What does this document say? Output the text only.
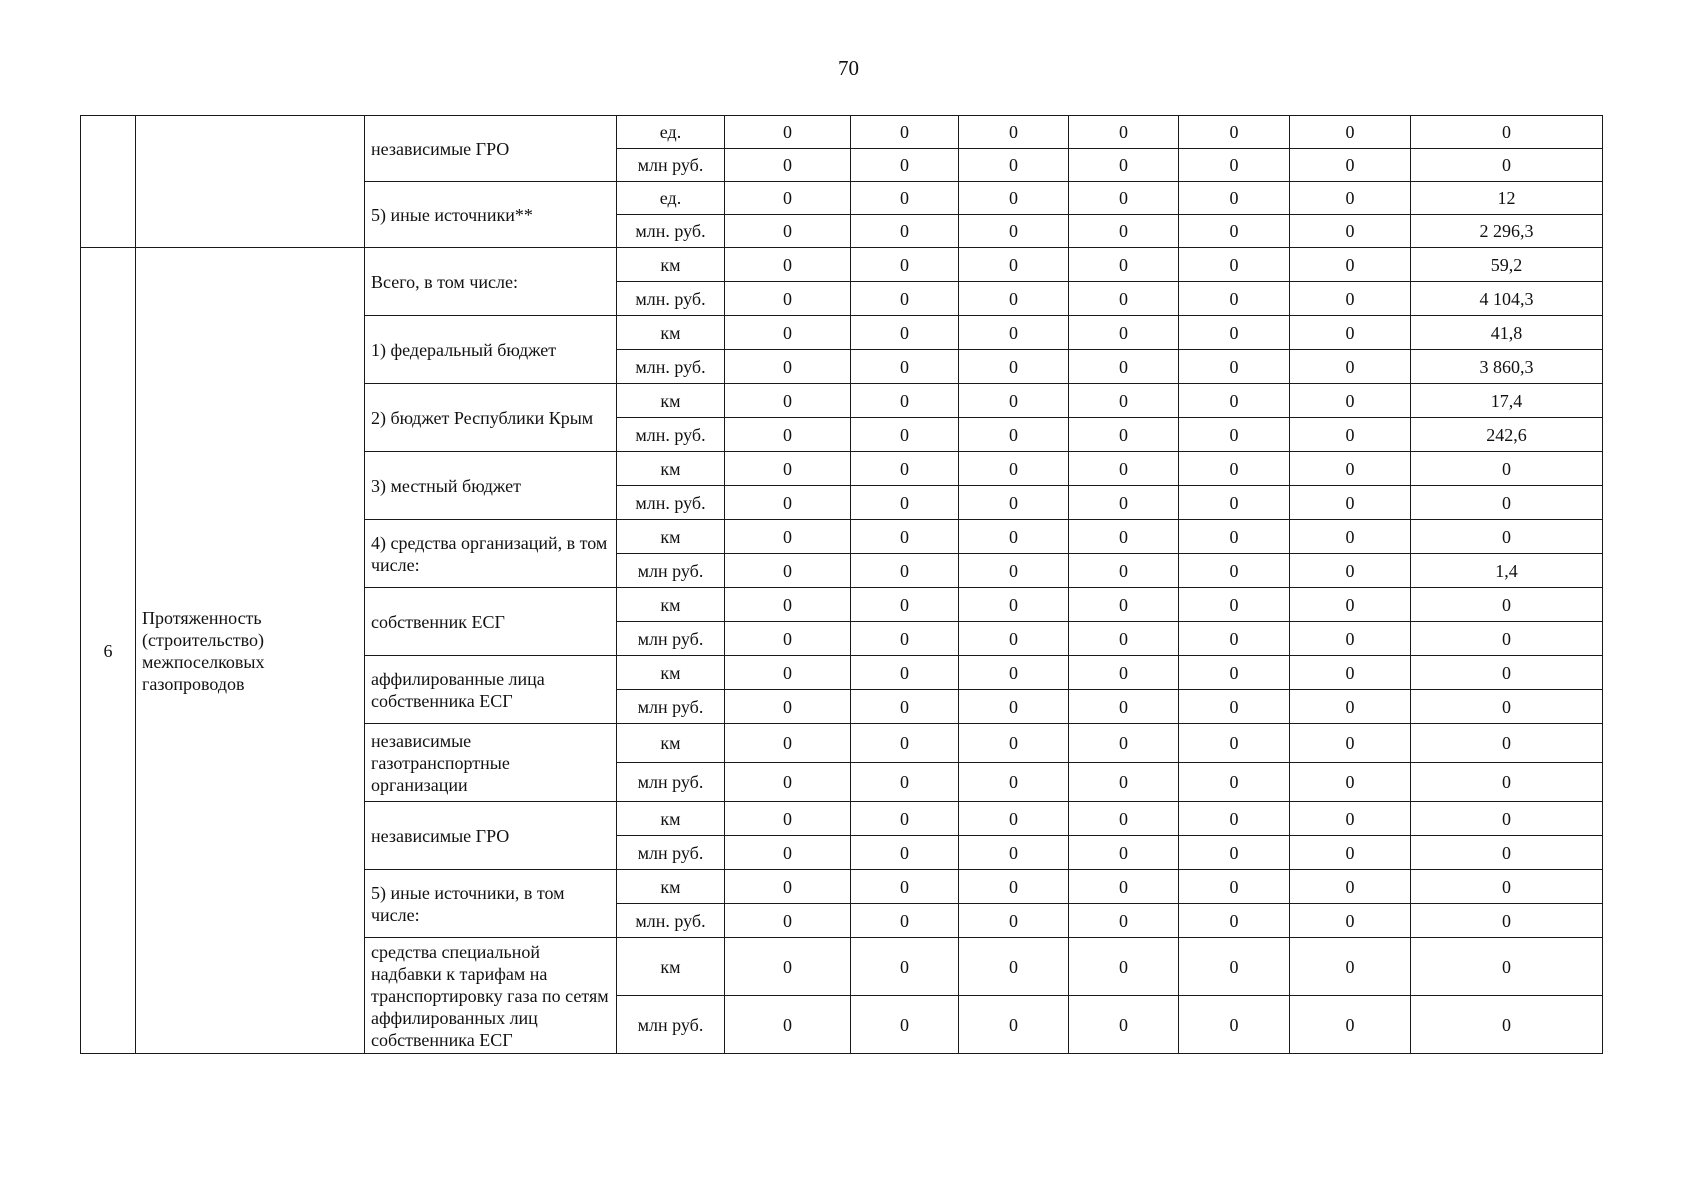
70
		независимые ГРО	ед.	0	0	0	0	0	0	0
			млн руб.	0	0	0	0	0	0	0
		5) иные источники**	ед.	0	0	0	0	0	0	12
			млн. руб.	0	0	0	0	0	0	2 296,3
6	Протяженность (строительство) межпоселковых газопроводов	Всего, в том числе:	км	0	0	0	0	0	0	59,2
			млн. руб.	0	0	0	0	0	0	4 104,3
		1) федеральный бюджет	км	0	0	0	0	0	0	41,8
			млн. руб.	0	0	0	0	0	0	3 860,3
		2) бюджет Республики Крым	км	0	0	0	0	0	0	17,4
			млн. руб.	0	0	0	0	0	0	242,6
		3) местный бюджет	км	0	0	0	0	0	0	0
			млн. руб.	0	0	0	0	0	0	0
		4) средства организаций, в том числе:	км	0	0	0	0	0	0	0
			млн руб.	0	0	0	0	0	0	1,4
		собственник ЕСГ	км	0	0	0	0	0	0	0
			млн руб.	0	0	0	0	0	0	0
		аффилированные лица собственника ЕСГ	км	0	0	0	0	0	0	0
			млн руб.	0	0	0	0	0	0	0
		независимые газотранспортные организации	км	0	0	0	0	0	0	0
			млн руб.	0	0	0	0	0	0	0
		независимые ГРО	км	0	0	0	0	0	0	0
			млн руб.	0	0	0	0	0	0	0
		5) иные источники, в том числе:	км	0	0	0	0	0	0	0
			млн. руб.	0	0	0	0	0	0	0
		средства специальной надбавки к тарифам на транспортировку газа по сетям аффилированных лиц собственника ЕСГ	км	0	0	0	0	0	0	0
			млн руб.	0	0	0	0	0	0	0
